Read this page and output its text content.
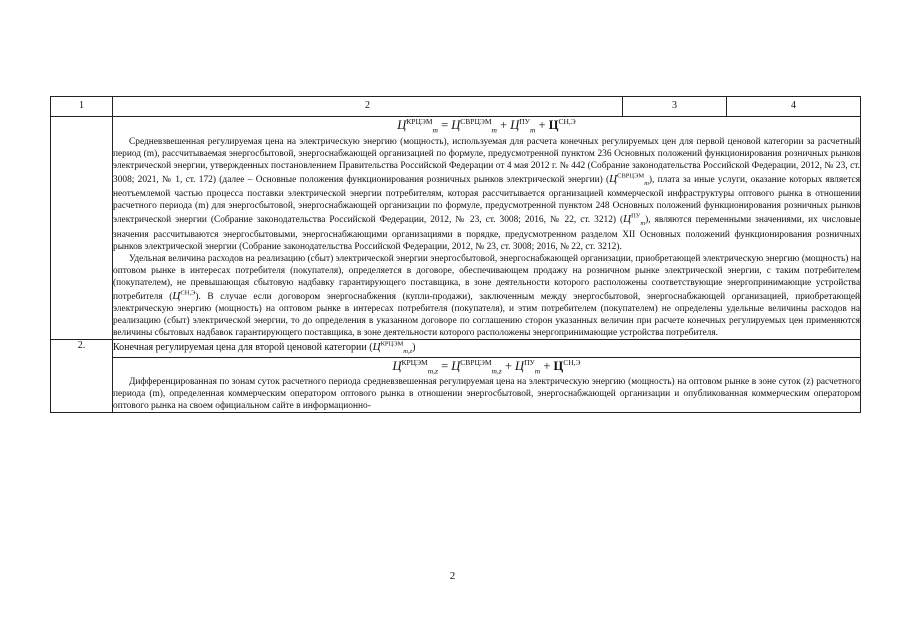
1	2	3	4

	$Ц^{КРЦЭМ}_m = Ц^{СВРЦЭМ}_m + Ц^{ПУ}_m + Ц^{СН,Э}$

Средневзвешенная регулируемая цена на электрическую энергию (мощность), используемая для расчета конечных регулируемых цен для первой ценовой категории за расчетный период (m), рассчитываемая энергосбытовой, энергоснабжающей организацией по формуле, предусмотренной пунктом 236 Основных положений функционирования розничных рынков электрической энергии, утвержденных постановлением Правительства Российской Федерации от 4 мая 2012 г. № 442 (Собрание законодательства Российской Федерации, 2012, № 23, ст. 3008; 2021, № 1, ст. 172) (далее – Основные положения функционирования розничных рынков электрической энергии) $(Ц^{СВРЦЭМ}_m)$, плата за иные услуги, оказание которых является неотъемлемой частью процесса поставки электрической энергии потребителям, которая рассчитывается организацией коммерческой инфраструктуры оптового рынка в отношении расчетного периода (m) для энергосбытовой, энергоснабжающей организации по формуле, предусмотренной пунктом 248 Основных положений функционирования розничных рынков электрической энергии (Собрание законодательства Российской Федерации, 2012, № 23, ст. 3008; 2016, № 22, ст. 3212) $(Ц^{ПУ}_m)$, являются переменными значениями, их числовые значения рассчитываются энергосбытовыми, энергоснабжающими организациями в порядке, предусмотренном разделом XII Основных положений функционирования розничных рынков электрической энергии (Собрание законодательства Российской Федерации, 2012, № 23, ст. 3008; 2016, № 22, ст. 3212).

Удельная величина расходов на реализацию (сбыт) электрической энергии энергосбытовой, энергоснабжающей организации, приобретающей электрическую энергию (мощность) на оптовом рынке в интересах потребителя (покупателя), определяется в договоре, обеспечивающем продажу на розничном рынке электрической энергии, с таким потребителем (покупателем), не превышающая сбытовую надбавку гарантирующего поставщика, в зоне деятельности которого расположены соответствующие энергопринимающие устройства потребителя $(Ц^{СН,Э})$. В случае если договором энергоснабжения (купли-продажи), заключенным между энергосбытовой, энергоснабжающей организацией, приобретающей электрическую энергию (мощность) на оптовом рынке в интересах потребителя (покупателя), и этим потребителем (покупателем) не определены удельные величины расходов на реализацию (сбыт) электрической энергии, то до определения в указанном договоре по соглашению сторон указанных величин при расчете конечных регулируемых цен применяются величины сбытовых надбавок гарантирующего поставщика, в зоне деятельности которого расположены энергопринимающие устройства потребителя.		

2.	Конечная регулируемая цена для второй ценовой категории $(Ц^{КРЦЭМ}_{m,z})$		

	$Ц^{КРЦЭМ}_{m,z} = Ц^{СВРЦЭМ}_{m,z} + Ц^{ПУ}_m + Ц^{СН,Э}$

Дифференцированная по зонам суток расчетного периода средневзвешенная регулируемая цена на электрическую энергию (мощность) на оптовом рынке в зоне суток (z) расчетного периода (m), определенная коммерческим оператором оптового рынка в отношении энергосбытовой, энергоснабжающей организации и опубликованная коммерческим оператором оптового рынка на своем официальном сайте в информационно-		

2
